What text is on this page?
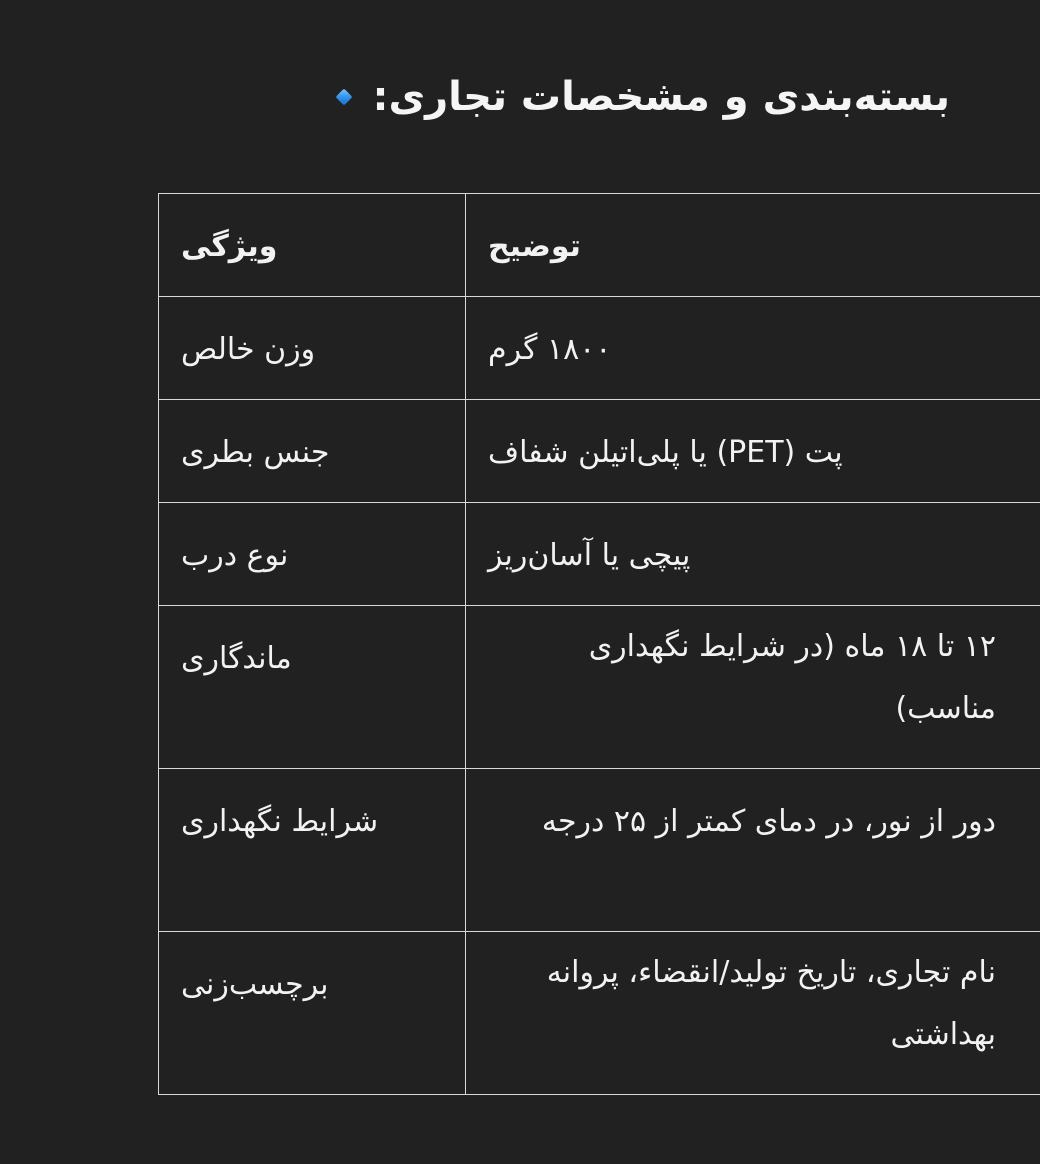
بسته‌بندی و مشخصات تجاری:
ویژگی	توضیح
وزن خالص	۱۸۰۰ گرم
جنس بطری	پت (PET) یا پلی‌اتیلن شفاف
نوع درب	پیچی یا آسان‌ریز
ماندگاری	۱۲ تا ۱۸ ماه (در شرایط نگهداری مناسب)
شرایط نگهداری	دور از نور، در دمای کمتر از ۲۵ درجه
برچسب‌زنی	نام تجاری، تاریخ تولید/انقضاء، پروانه بهداشتی
